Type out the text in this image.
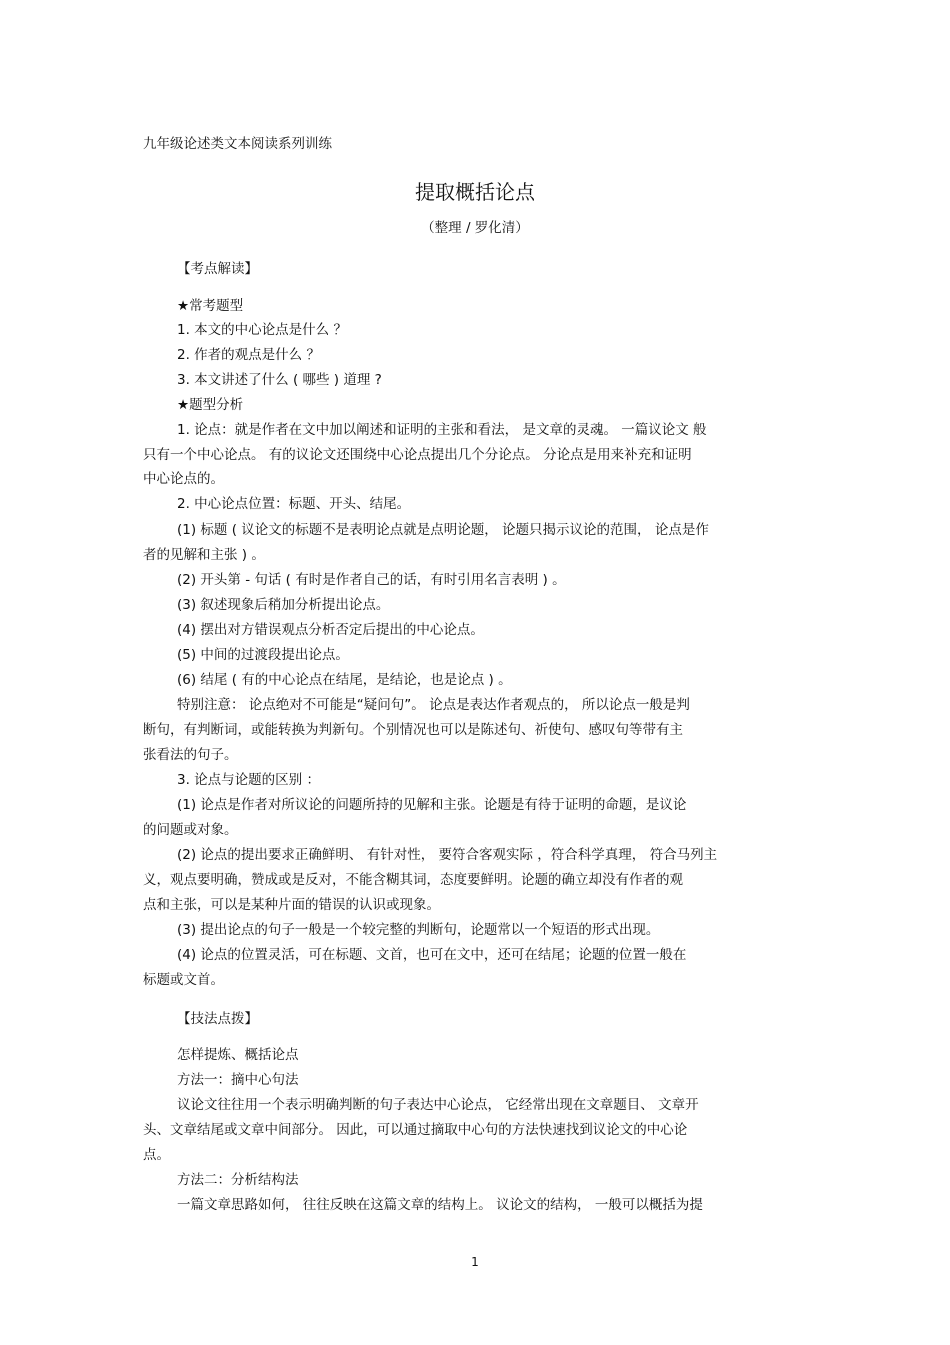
九年级论述类文本阅读系列训练
提取概括论点
（整理 / 罗化清）
【考点解读】
★常考题型
1. 本文的中心论点是什么 ？
2. 作者的观点是什么 ？
3. 本文讲述了什么 ( 哪些 ) 道理 ?
★题型分析
1. 论点：就是作者在文中加以阐述和证明的主张和看法， 是文章的灵魂。 一篇议论文 般
只有一个中心论点。 有的议论文还围绕中心论点提出几个分论点。 分论点是用来补充和证明
中心论点的。
2. 中心论点位置：标题、开头、结尾。
(1) 标题 ( 议论文的标题不是表明论点就是点明论题， 论题只揭示议论的范围， 论点是作
者的见解和主张 ) 。
(2) 开头第 - 句话 ( 有时是作者自己的话，有时引用名言表明 ) 。
(3) 叙述现象后稍加分析提出论点。
(4) 摆出对方错误观点分析否定后提出的中心论点。
(5) 中间的过渡段提出论点。
(6) 结尾 ( 有的中心论点在结尾，是结论，也是论点 ) 。
特别注意： 论点绝对不可能是“疑问句”。 论点是表达作者观点的， 所以论点一般是判
断句，有判断词，或能转换为判新句。个别情况也可以是陈述句、祈使句、感叹句等带有主
张看法的句子。
3. 论点与论题的区别 ：
(1) 论点是作者对所议论的问题所持的见解和主张。论题是有待于证明的命题，是议论
的问题或对象。
(2) 论点的提出要求正确鲜明、 有针对性， 要符合客观实际 ，符合科学真理， 符合马列主
义，观点要明确，赞成或是反对，不能含糊其词，态度要鲜明。论题的确立却没有作者的观
点和主张，可以是某种片面的错误的认识或现象。
(3) 提出论点的句子一般是一个较完整的判断句，论题常以一个短语的形式出现。
(4) 论点的位置灵活，可在标题、文首，也可在文中，还可在结尾；论题的位置一般在
标题或文首。
【技法点拨】
怎样提炼、概括论点
方法一：摘中心句法
议论文往往用一个表示明确判断的句子表达中心论点， 它经常出现在文章题目、 文章开
头、文章结尾或文章中间部分。 因此，可以通过摘取中心句的方法快速找到议论文的中心论
点。
方法二：分析结构法
一篇文章思路如何， 往往反映在这篇文章的结构上。 议论文的结构， 一般可以概括为提
1
